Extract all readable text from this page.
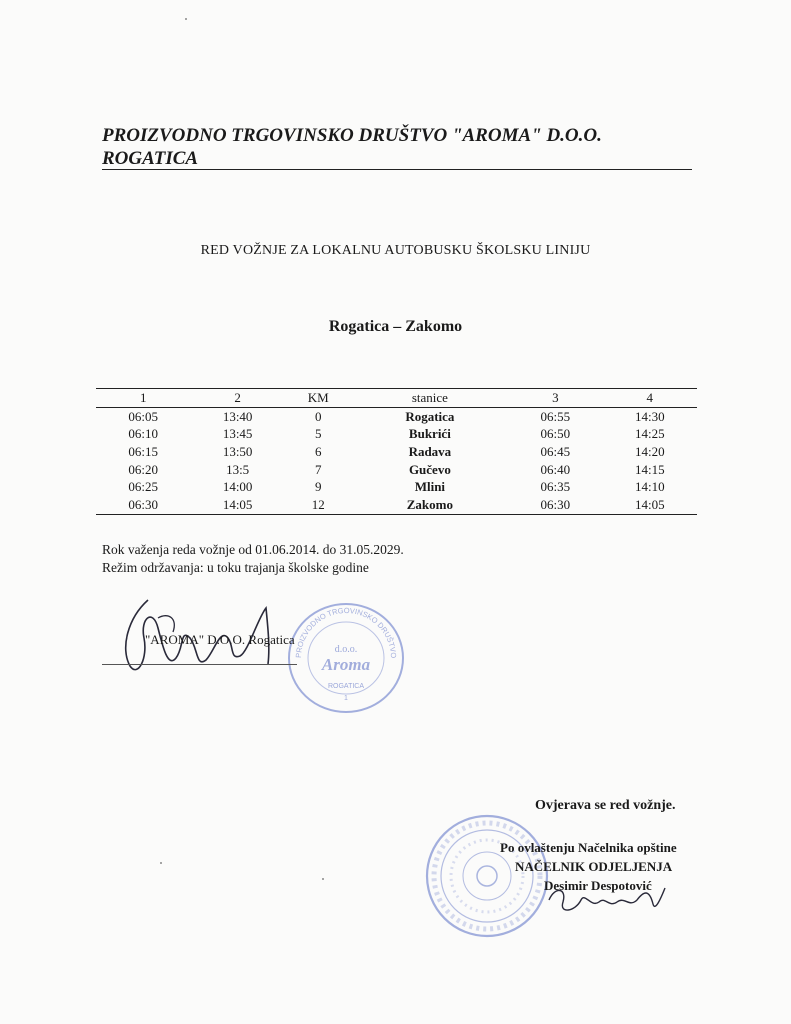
PROIZVODNO TRGOVINSKO DRUŠTVO "AROMA" D.O.O.
ROGATICA
RED VOŽNJE ZA LOKALNU AUTOBUSKU ŠKOLSKU LINIJU
Rogatica – Zakomo
1	2	KM	stanice	3	4
06:05	13:40	0	Rogatica	06:55	14:30
06:10	13:45	5	Bukrići	06:50	14:25
06:15	13:50	6	Radava	06:45	14:20
06:20	13:5	7	Gučevo	06:40	14:15
06:25	14:00	9	Mlini	06:35	14:10
06:30	14:05	12	Zakomo	06:30	14:05
Rok važenja reda vožnje od 01.06.2014. do 31.05.2029.
Režim održavanja: u toku trajanja školske godine
PROIZVODNO TRGOVINSKO DRUŠTVO
d.o.o.
Aroma
ROGATICA
1
"AROMA" D.O.O. Rogatica
Ovjerava se red vožnje.
Po ovlaštenju Načelnika opštine
NAČELNIK ODJELJENJA
Desimir Despotović
